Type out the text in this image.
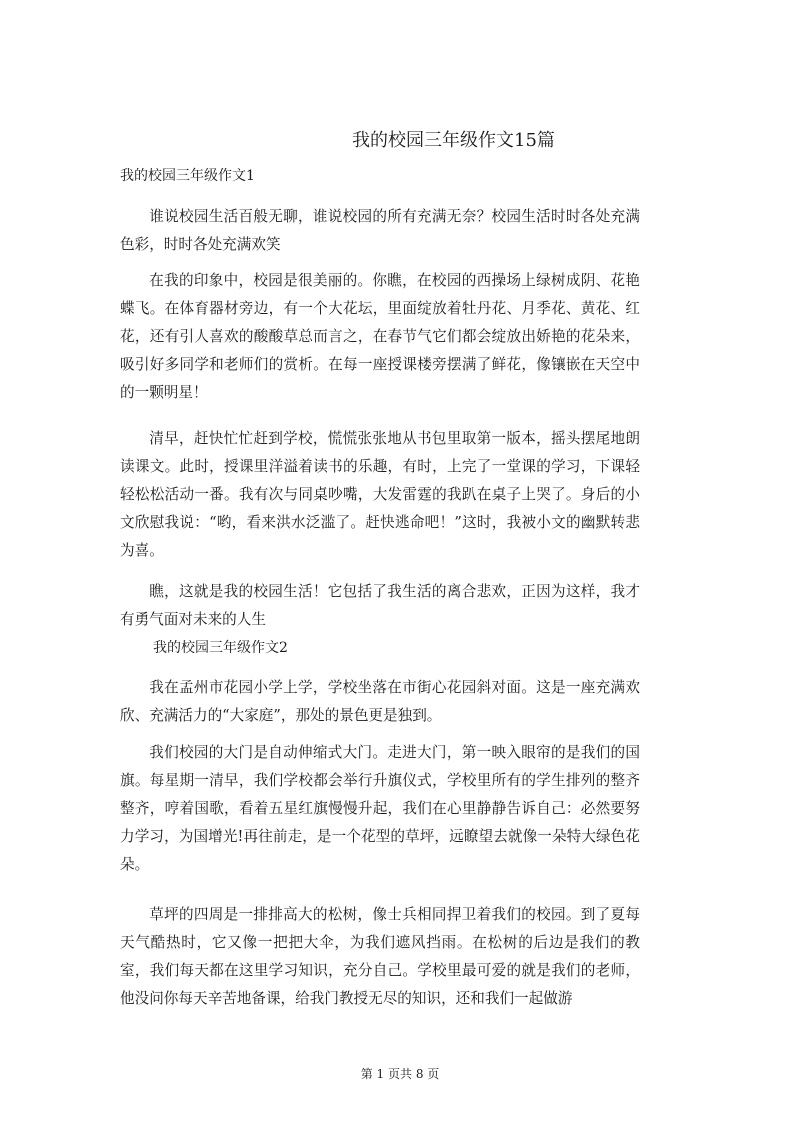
我的校园三年级作文15篇
我的校园三年级作文1

谁说校园生活百般无聊，谁说校园的所有充满无奈？校园生活时时各处充满色彩，时时各处充满欢笑

在我的印象中，校园是很美丽的。你瞧，在校园的西操场上绿树成阴、花艳蝶飞。在体育器材旁边，有一个大花坛，里面绽放着牡丹花、月季花、黄花、红花，还有引人喜欢的酸酸草总而言之，在春节气它们都会绽放出娇艳的花朵来，吸引好多同学和老师们的赏析。在每一座授课楼旁摆满了鲜花，像镶嵌在天空中的一颗明星！

清早，赶快忙忙赶到学校，慌慌张张地从书包里取第一版本，摇头摆尾地朗读课文。此时，授课里洋溢着读书的乐趣，有时，上完了一堂课的学习，下课轻轻松松活动一番。我有次与同桌吵嘴，大发雷霆的我趴在桌子上哭了。身后的小文欣慰我说：“哟，看来洪水泛滥了。赶快逃命吧！”这时，我被小文的幽默转悲为喜。

瞧，这就是我的校园生活！它包括了我生活的离合悲欢，正因为这样，我才有勇气面对未来的人生

我的校园三年级作文2

我在孟州市花园小学上学，学校坐落在市街心花园斜对面。这是一座充满欢欣、充满活力的“大家庭”，那处的景色更是独到。

我们校园的大门是自动伸缩式大门。走进大门，第一映入眼帘的是我们的国旗。每星期一清早，我们学校都会举行升旗仪式，学校里所有的学生排列的整齐整齐，哼着国歌，看着五星红旗慢慢升起，我们在心里静静告诉自己：必然要努力学习，为国增光!再往前走，是一个花型的草坪，远瞭望去就像一朵特大绿色花朵。

草坪的四周是一排排高大的松树，像士兵相同捍卫着我们的校园。到了夏每天气酷热时，它又像一把把大伞，为我们遮风挡雨。在松树的后边是我们的教室，我们每天都在这里学习知识，充分自己。学校里最可爱的就是我们的老师，他没问你每天辛苦地备课，给我门教授无尽的知识，还和我们一起做游

第 1 页共 8 页
